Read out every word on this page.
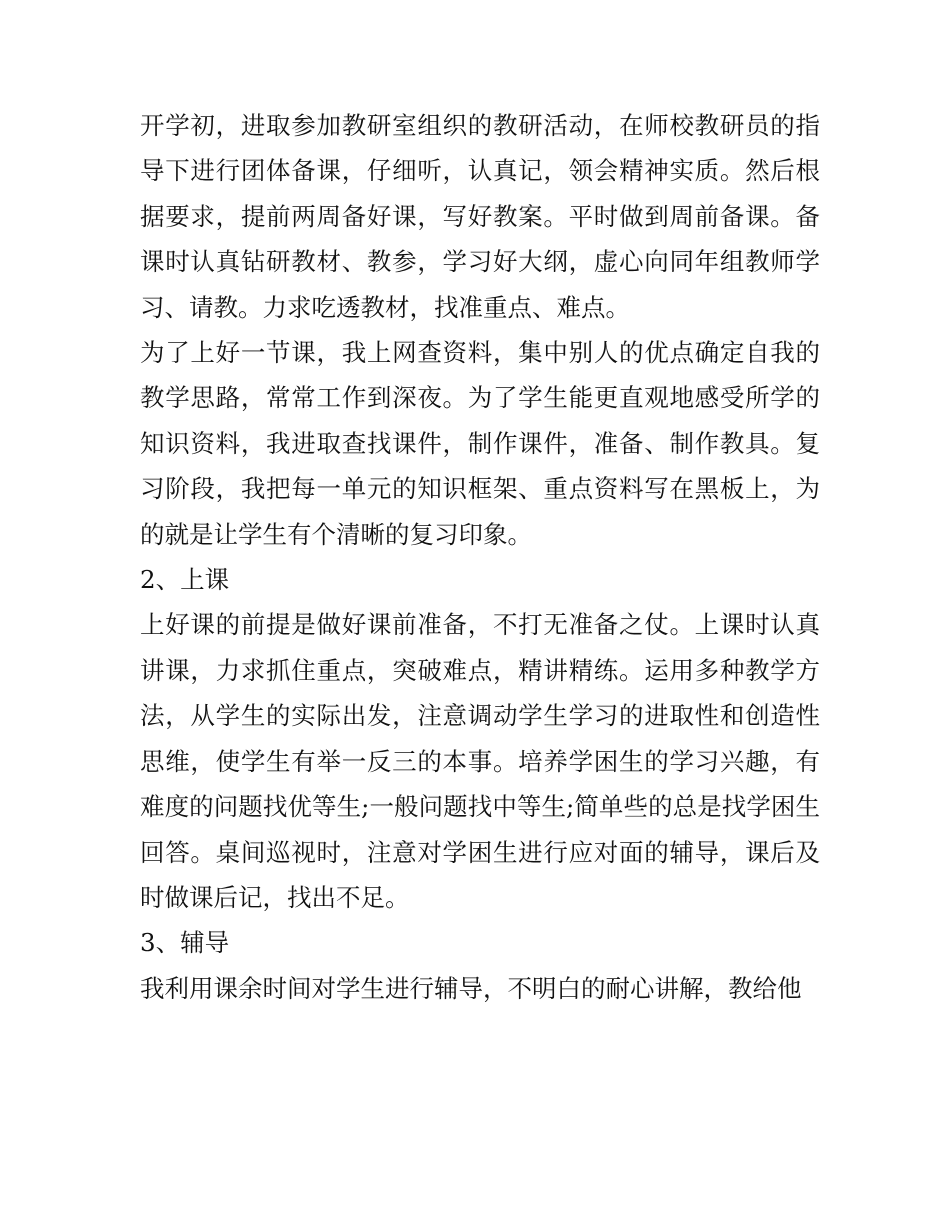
开学初，进取参加教研室组织的教研活动，在师校教研员的指导下进行团体备课，仔细听，认真记，领会精神实质。然后根据要求，提前两周备好课，写好教案。平时做到周前备课。备课时认真钻研教材、教参，学习好大纲，虚心向同年组教师学习、请教。力求吃透教材，找准重点、难点。

为了上好一节课，我上网查资料，集中别人的优点确定自我的教学思路，常常工作到深夜。为了学生能更直观地感受所学的知识资料，我进取查找课件，制作课件，准备、制作教具。复习阶段，我把每一单元的知识框架、重点资料写在黑板上，为的就是让学生有个清晰的复习印象。

2、上课

上好课的前提是做好课前准备，不打无准备之仗。上课时认真讲课，力求抓住重点，突破难点，精讲精练。运用多种教学方法，从学生的实际出发，注意调动学生学习的进取性和创造性思维，使学生有举一反三的本事。培养学困生的学习兴趣，有难度的问题找优等生;一般问题找中等生;简单些的总是找学困生回答。桌间巡视时，注意对学困生进行应对面的辅导，课后及时做课后记，找出不足。

3、辅导

我利用课余时间对学生进行辅导，不明白的耐心讲解，教给他
